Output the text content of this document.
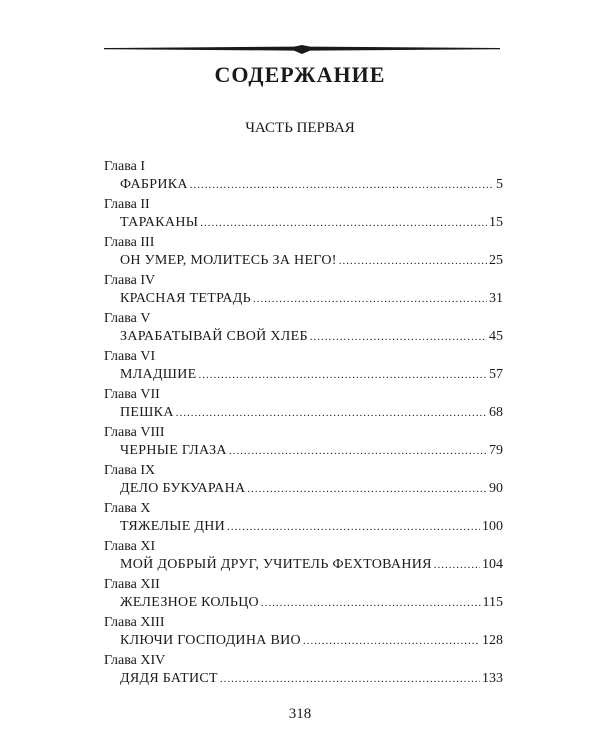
СОДЕРЖАНИЕ
ЧАСТЬ ПЕРВАЯ
Глава I
ФАБРИКА .....	5
Глава II
ТАРАКАНЫ .....	15
Глава III
ОН УМЕР, МОЛИТЕСЬ ЗА НЕГО! .....	25
Глава IV
КРАСНАЯ ТЕТРАДЬ .....	31
Глава V
ЗАРАБАТЫВАЙ СВОЙ ХЛЕБ .....	45
Глава VI
МЛАДШИЕ .....	57
Глава VII
ПЕШКА .....	68
Глава VIII
ЧЕРНЫЕ ГЛАЗА .....	79
Глава IX
ДЕЛО БУКУАРАНА .....	90
Глава X
ТЯЖЕЛЫЕ ДНИ .....	100
Глава XI
МОЙ ДОБРЫЙ ДРУГ, УЧИТЕЛЬ ФЕХТОВАНИЯ .....	104
Глава XII
ЖЕЛЕЗНОЕ КОЛЬЦО .....	115
Глава XIII
КЛЮЧИ ГОСПОДИНА ВИО .....	128
Глава XIV
ДЯДЯ БАТИСТ .....	133
318
